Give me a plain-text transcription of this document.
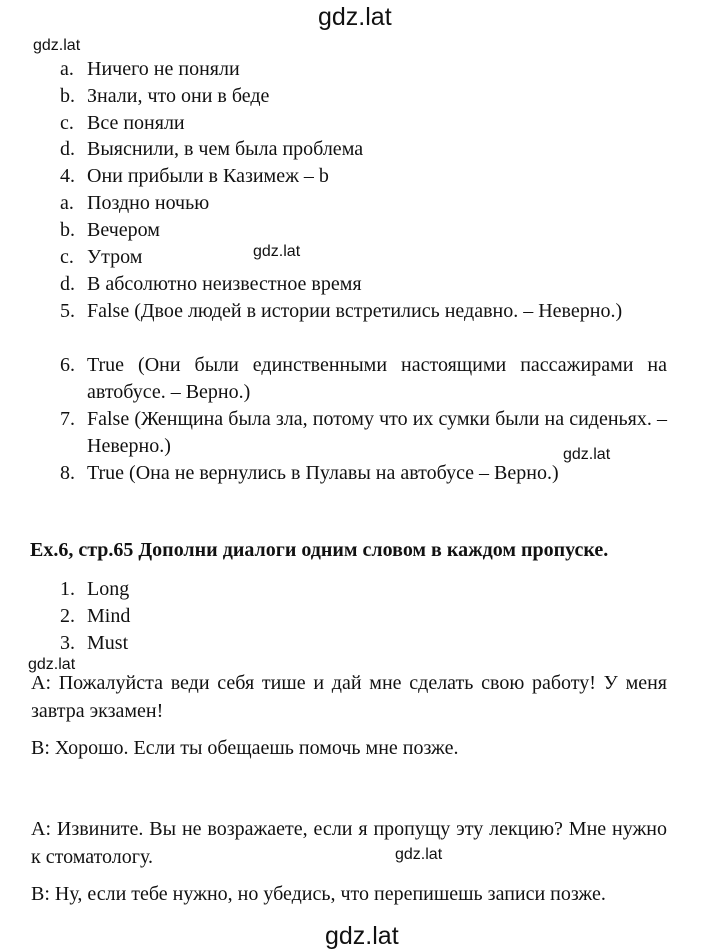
gdz.lat
gdz.lat
gdz.lat
gdz.lat
gdz.lat
gdz.lat
gdz.lat
a. Ничего не поняли
b. Знали, что они в беде
c. Все поняли
d. Выяснили, в чем была проблема
4. Они прибыли в Казимеж – b
a. Поздно ночью
b. Вечером
c. Утром
d. В абсолютно неизвестное время
5. False (Двое людей в истории встретились недавно. – Неверно.)
6. True (Они были единственными настоящими пассажирами на автобусе. – Верно.)
7. False (Женщина была зла, потому что их сумки были на сиденьях. – Неверно.)
8. True (Она не вернулись в Пулавы на автобусе – Верно.)
Ex.6, стр.65 Дополни диалоги одним словом в каждом пропуске.
1. Long
2. Mind
3. Must
A: Пожалуйста веди себя тише и дай мне сделать свою работу! У меня завтра экзамен!
B: Хорошо. Если ты обещаешь помочь мне позже.
A: Извините. Вы не возражаете, если я пропущу эту лекцию? Мне нужно к стоматологу.
B: Ну, если тебе нужно, но убедись, что перепишешь записи позже.
